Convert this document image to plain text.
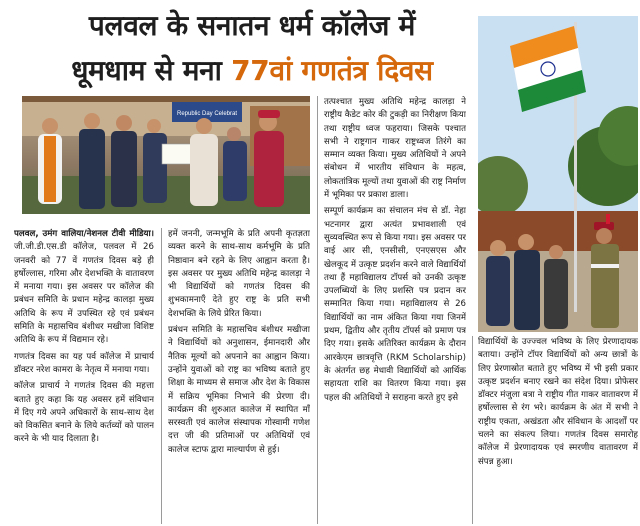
पलवल के सनातन धर्म कॉलेज में
धूमधाम से मना 77वां गणतंत्र दिवस
Republic Day Celebrat

पलवल, उमंग वालिया/नेशनल टीवी मीडिया। जी.जी.डी.एस.डी कॉलेज, पलवल में 26 जनवरी को 77 वें गणतंत्र दिवस बड़े ही हर्षोल्लास, गरिमा और देशभक्ति के वातावरण में मनाया गया। इस अवसर पर कॉलेज की प्रबंधन समिति के प्रधान महेन्द्र कालड़ा मुख्य अतिथि के रूप में उपस्थित रहे एवं प्रबंधन समिति के महासचिव बंशीधर मखीजा विशिष्ट अतिथि के रूप में विद्यमान रहे।

गणतंत्र दिवस का यह पर्व कॉलेज में प्राचार्य डॉक्टर नरेश कामरा के नेतृत्व में मनाया गया।

कॉलेज प्राचार्य ने गणतंत्र दिवस की महत्ता बताते हुए कहा कि यह अवसर हमें संविधान में दिए गये अपने अधिकारों के साथ-साथ देश को विकसित बनाने के लिये कर्तव्यों को पालन करने के भी याद दिलाता है।

हमें जननी, जन्मभूमि के प्रति अपनी कृतज्ञता व्यक्त करने के साथ-साथ कर्मभूमि के प्रति निष्ठावान बने रहने के लिए आह्वान करता है। इस अवसर पर मुख्य अतिथि महेन्द्र कालड़ा ने भी विद्यार्थियों को गणतंत्र दिवस की शुभकामनाएँ देते हुए राष्ट्र के प्रति सभी देशभक्ति के लिये प्रेरित किया।

प्रबंधन समिति के महासचिव बंशीधर मखीजा ने विद्यार्थियों को अनुशासन, ईमानदारी और नैतिक मूल्यों को अपनाने का आह्वान किया। उन्होंने युवाओं को राष्ट्र का भविष्य बताते हुए शिक्षा के माध्यम से समाज और देश के विकास में सक्रिय भूमिका निभाने की प्रेरणा दी। कार्यक्रम की शुरुआत कालेज में स्थापित माँ सरस्वती एवं कालेज संस्थापक गोस्वामी गणेश दत्त जी की प्रतिमाओं पर अतिथियों एवं कालेज स्टाफ द्वारा माल्यार्पण से हुई।

तत्पश्चात मुख्य अतिथि महेन्द्र कालड़ा ने राष्ट्रीय कैडेट कोर की टुकड़ी का निरीक्षण किया तथा राष्ट्रीय ध्वज फहराया। जिसके पश्चात सभी ने राष्ट्रगान गाकर राष्ट्रध्वज तिरंगे का सम्मान व्यक्त किया। मुख्य अतिथियों ने अपने संबोधन में भारतीय संविधान के महत्व, लोकतांत्रिक मूल्यों तथा युवाओं की राष्ट्र निर्माण में भूमिका पर प्रकाश डाला।

सम्पूर्ण कार्यक्रम का संचालन मंच से डॉ. नेहा भटनागर द्वारा अत्यंत प्रभावशाली एवं सुव्यवस्थित रूप से किया गया। इस अवसर पर वाई आर सी, एनसीसी, एनएसएस और खेलकूद में उत्कृष्ट प्रदर्शन करने वाले विद्यार्थियों तथा हैं महाविद्यालय टॉपर्स को उनकी उत्कृष्ट उपलब्धियों के लिए प्रशस्ति पत्र प्रदान कर सम्मानित किया गया। महाविद्यालय से 26 विद्यार्थियों का नाम अंकित किया गया जिनमें प्रथम, द्वितीय और तृतीय टॉपर्स को प्रमाण पत्र दिए गया। इसके अतिरिक्त कार्यक्रम के दौरान आरकेएम छात्रवृत्ति (RKM Scholarship) के अंतर्गत छह मेधावी विद्यार्थियों को आर्थिक सहायता राशि का वितरण किया गया। इस पहल की अतिथियों ने सराहना करते हुए इसे

विद्यार्थियों के उज्ज्वल भविष्य के लिए प्रेरणादायक बताया। उन्होंने टॉपर विद्यार्थियों को अन्य छात्रों के लिए प्रेरणास्रोत बताते हुए भविष्य में भी इसी प्रकार उत्कृष्ट प्रदर्शन बनाए रखने का संदेश दिया। प्रोफेसर डॉक्टर मंजुला बत्रा ने राष्ट्रीय गीत गाकर वातावरण में हर्षोल्लास से रंग भरे। कार्यक्रम के अंत में सभी ने राष्ट्रीय एकता, अखंडता और संविधान के आदर्शों पर चलने का संकल्प लिया। गणतंत्र दिवस समारोह कॉलेज में प्रेरणादायक एवं स्मरणीय वातावरण में संपन्न हुआ।
